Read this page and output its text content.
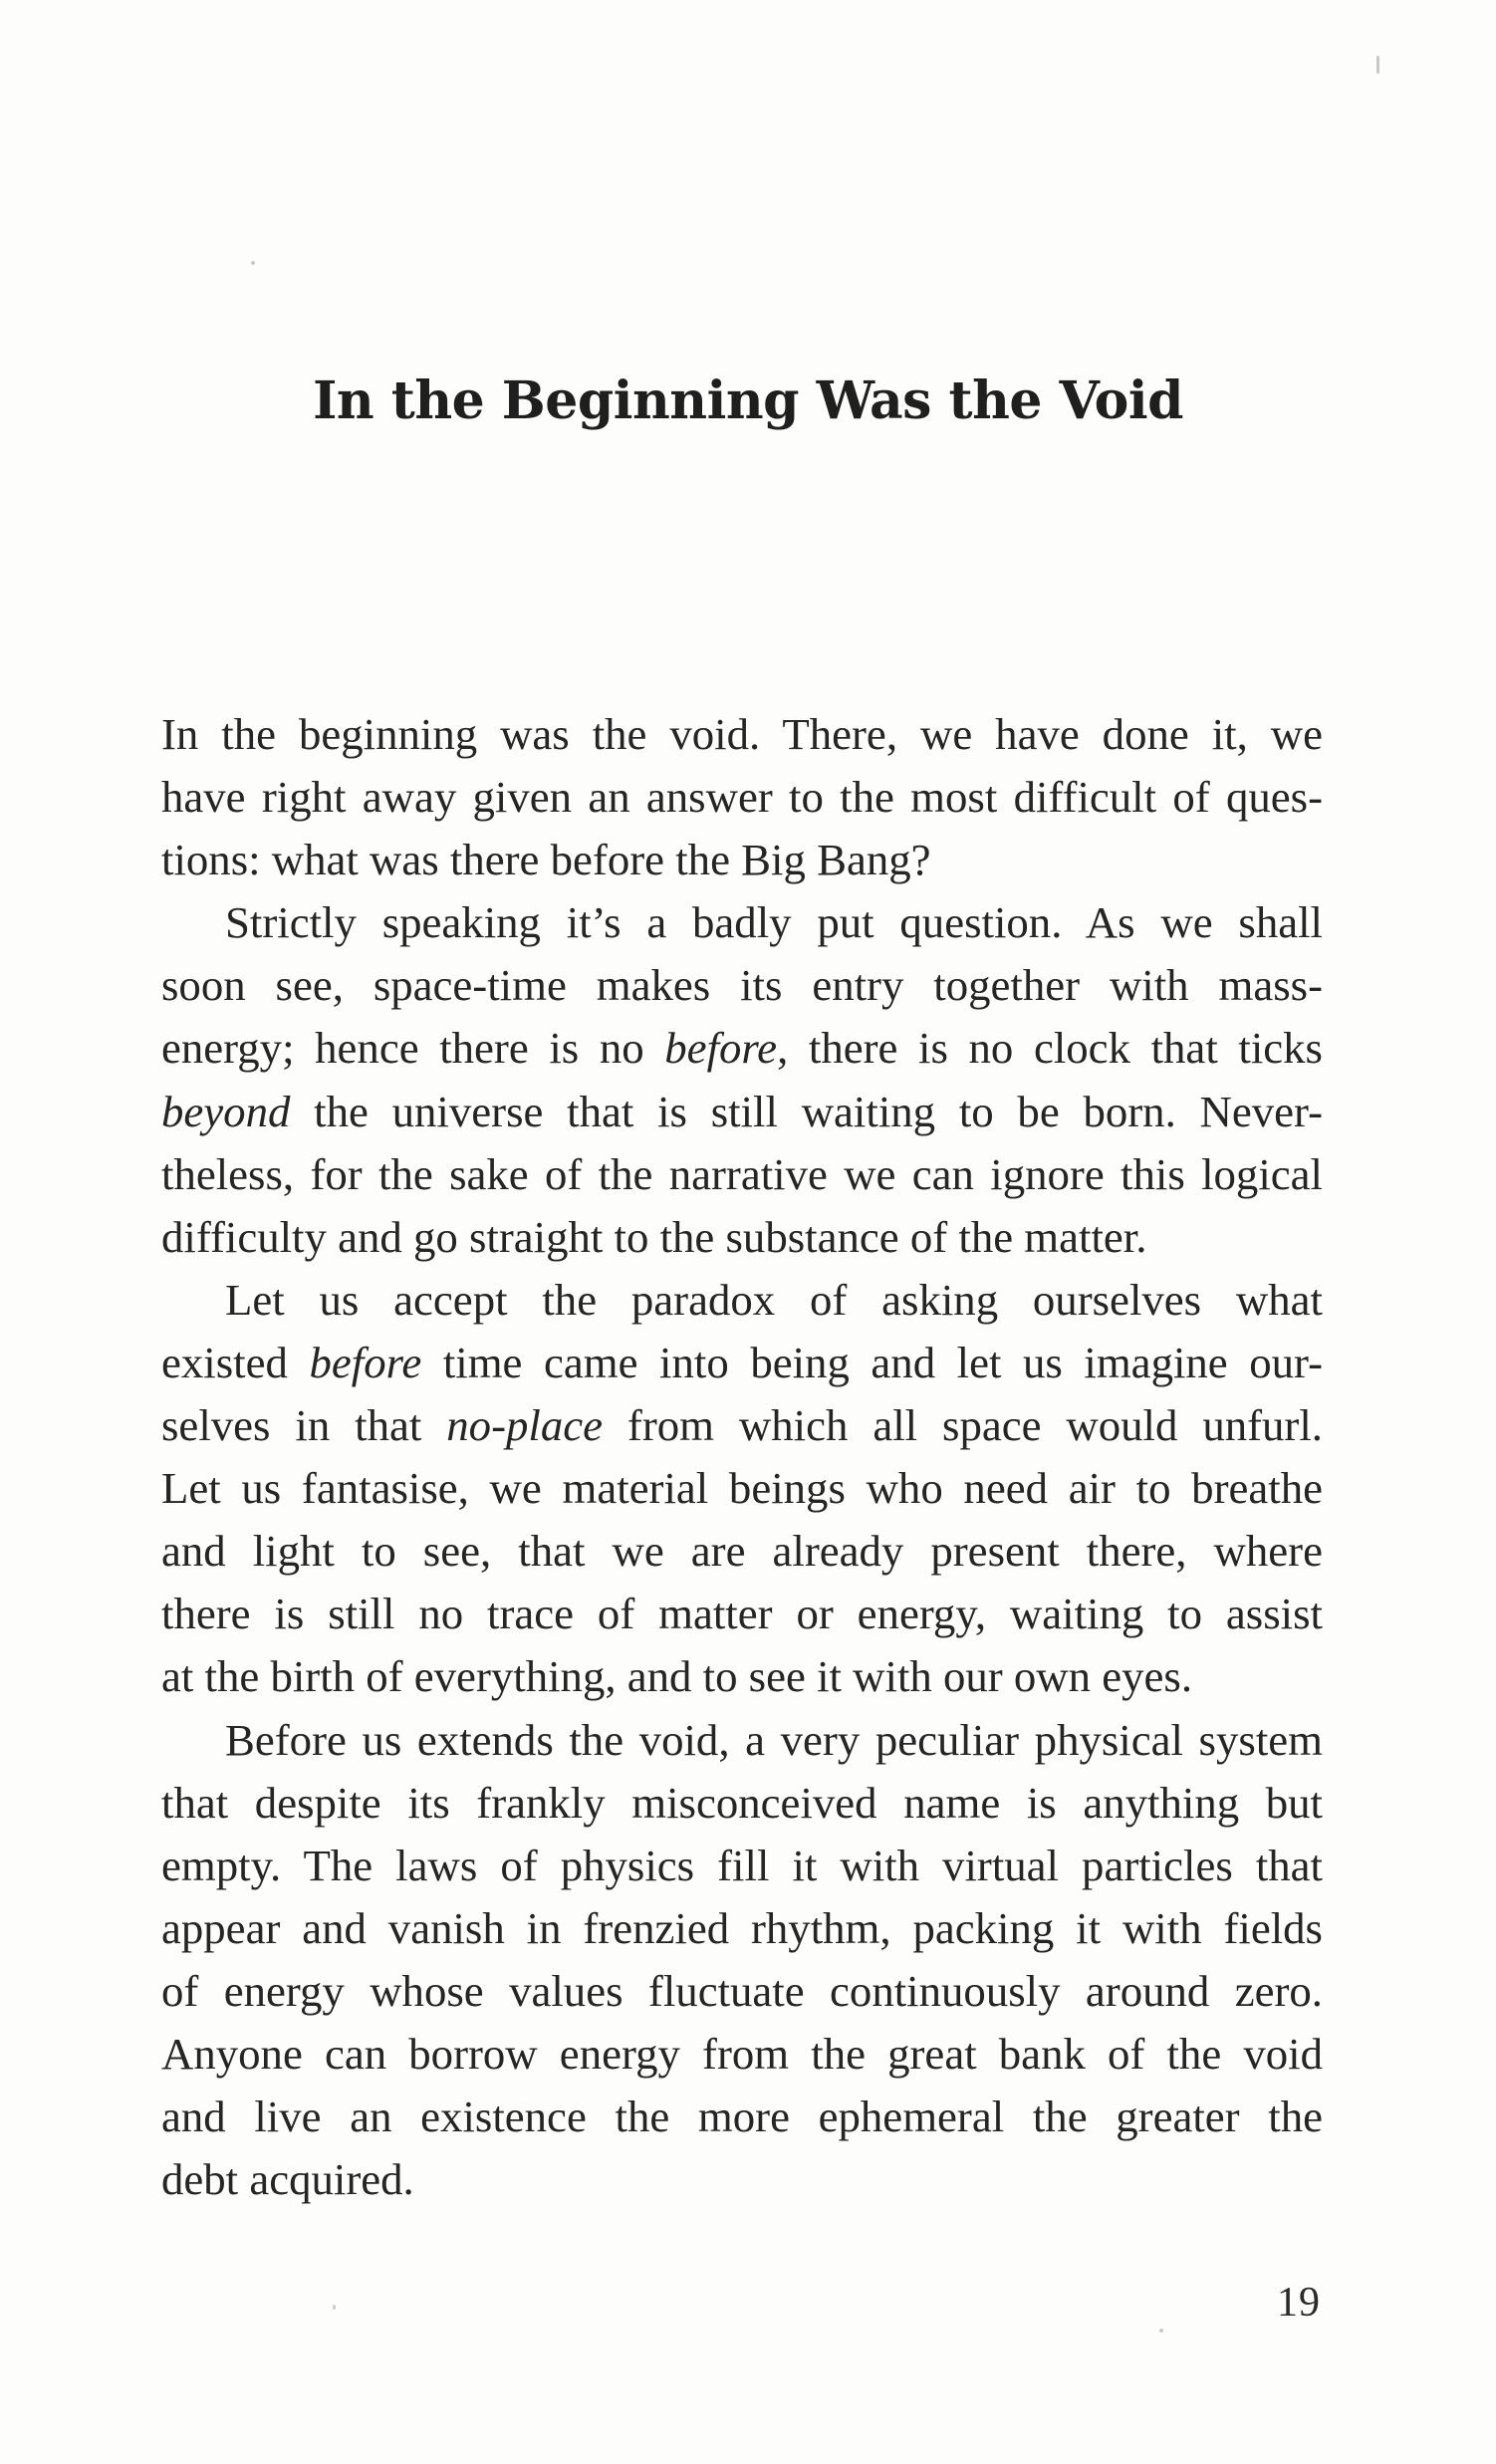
In the Beginning Was the Void
In the beginning was the void. There, we have done it, we
have right away given an answer to the most difficult of ques-
tions: what was there before the Big Bang?
Strictly speaking it’s a badly put question. As we shall
soon see, space-time makes its entry together with mass-
energy; hence there is no before, there is no clock that ticks
beyond the universe that is still waiting to be born. Never-
theless, for the sake of the narrative we can ignore this logical
difficulty and go straight to the substance of the matter.
Let us accept the paradox of asking ourselves what
existed before time came into being and let us imagine our-
selves in that no-place from which all space would unfurl.
Let us fantasise, we material beings who need air to breathe
and light to see, that we are already present there, where
there is still no trace of matter or energy, waiting to assist
at the birth of everything, and to see it with our own eyes.
Before us extends the void, a very peculiar physical system
that despite its frankly misconceived name is anything but
empty. The laws of physics fill it with virtual particles that
appear and vanish in frenzied rhythm, packing it with fields
of energy whose values fluctuate continuously around zero.
Anyone can borrow energy from the great bank of the void
and live an existence the more ephemeral the greater the
debt acquired.

19
